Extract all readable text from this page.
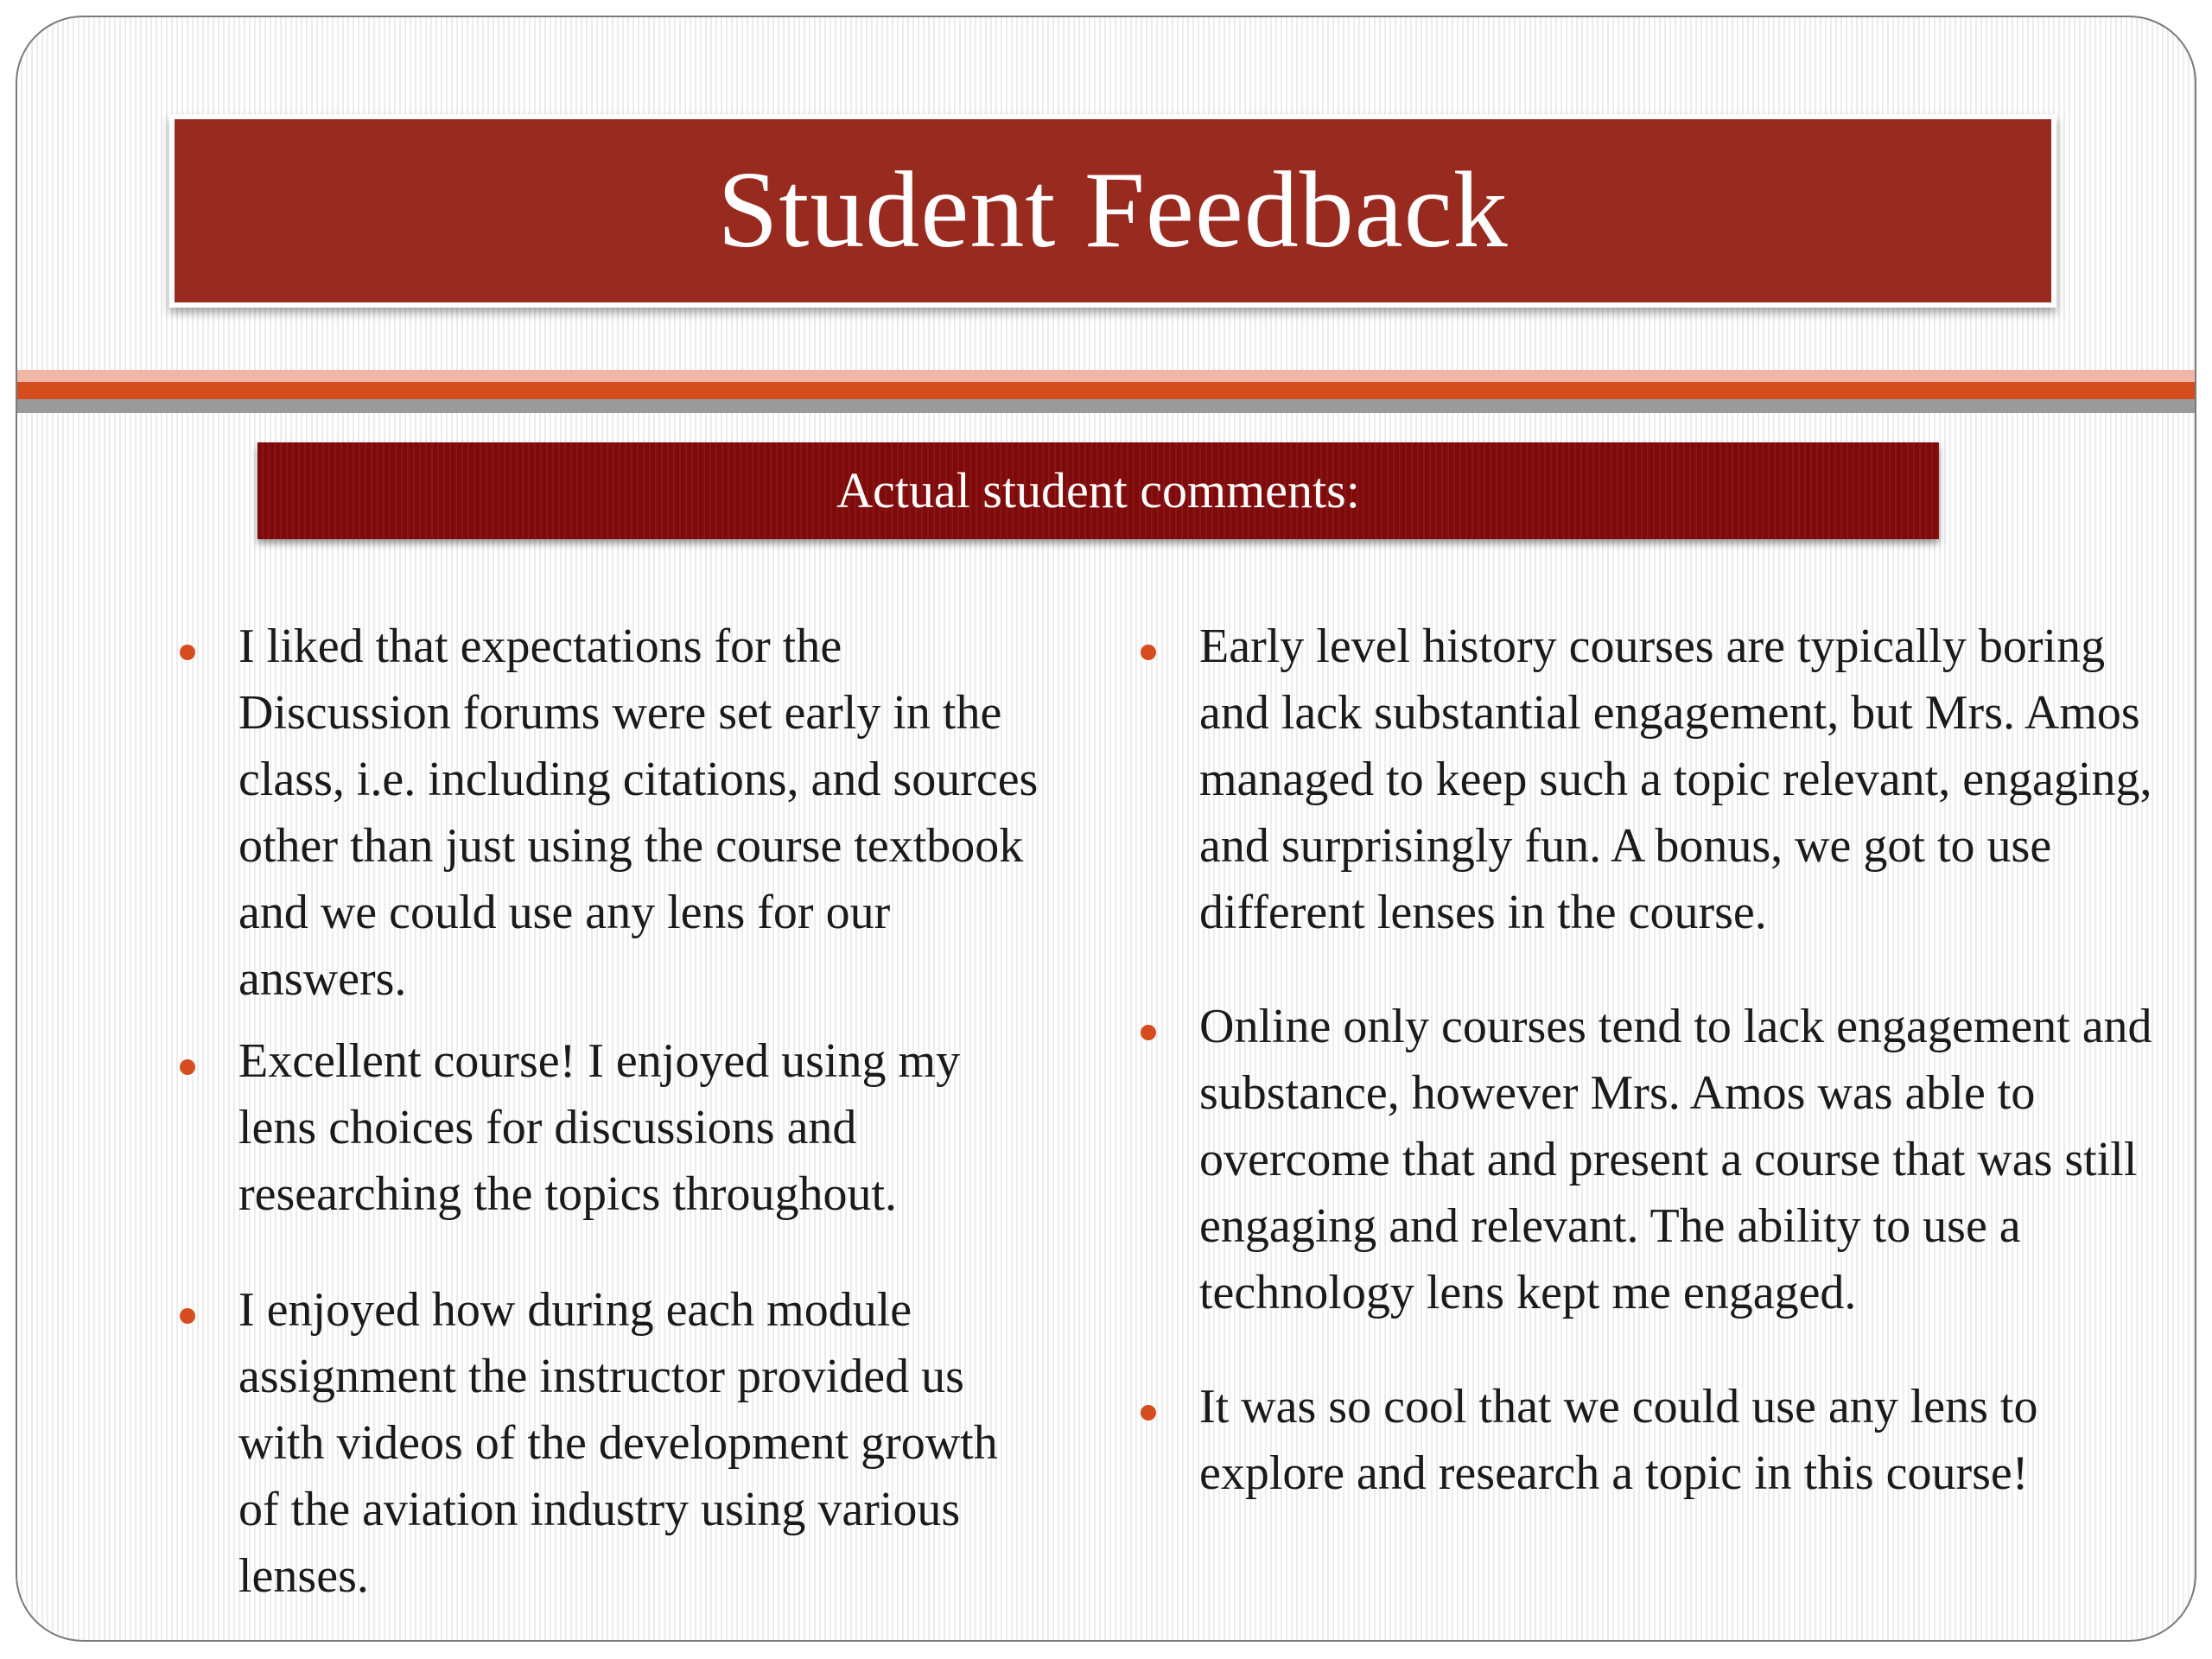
Student Feedback
Actual student comments:
I liked that expectations for the Discussion forums were set early in the class, i.e. including citations, and sources other than just using the course textbook and we could use any lens for our answers.
Excellent course! I enjoyed using my lens choices for discussions and researching the topics throughout.
I enjoyed how during each module assignment the instructor provided us with videos of the development growth of the aviation industry using various lenses.
Early level history courses are typically boring and lack substantial engagement, but Mrs. Amos managed to keep such a topic relevant, engaging, and surprisingly fun. A bonus, we got to use different lenses in the course.
Online only courses tend to lack engagement and substance, however Mrs. Amos was able to overcome that and present a course that was still engaging and relevant. The ability to use a technology lens kept me engaged.
It was so cool that we could use any lens to explore and research a topic in this course!
